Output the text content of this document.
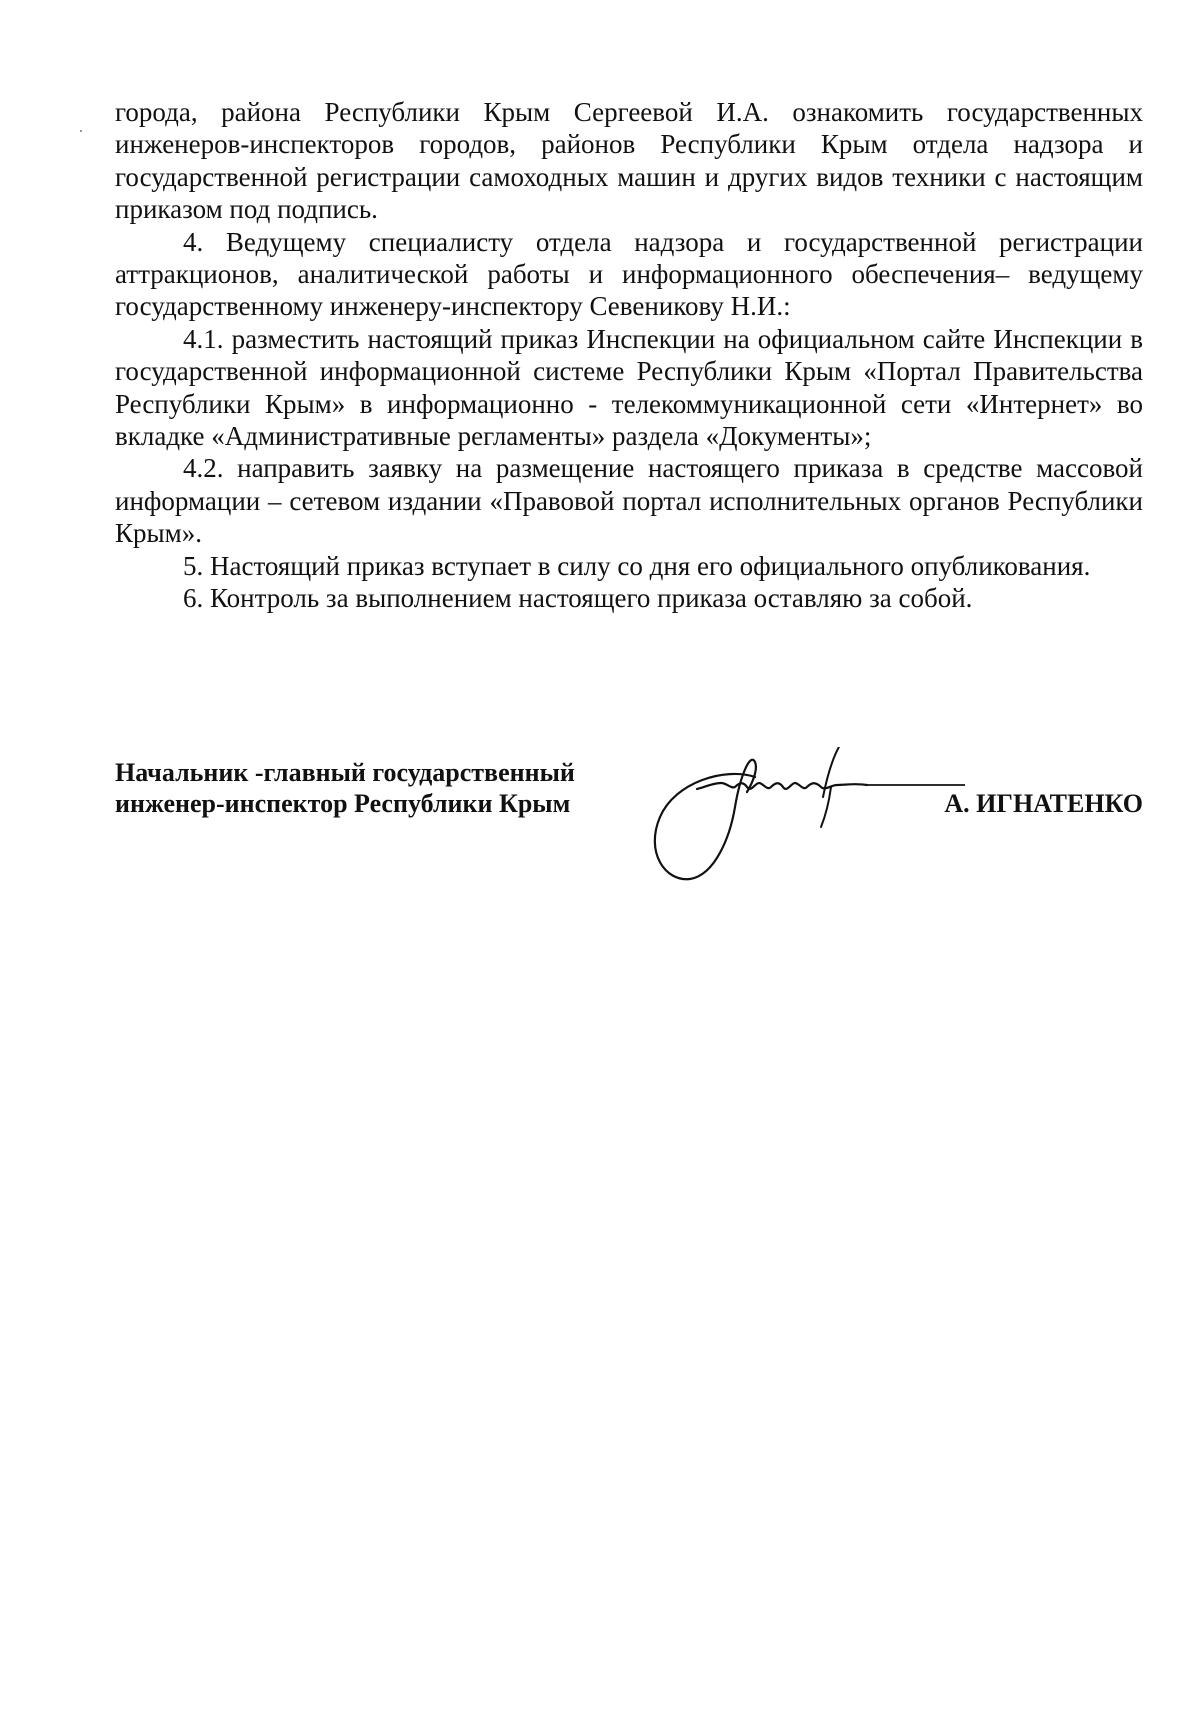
города, района Республики Крым Сергеевой И.А. ознакомить государственных инженеров-инспекторов городов, районов Республики Крым отдела надзора и государственной регистрации самоходных машин и других видов техники с настоящим приказом под подпись.

4. Ведущему специалисту отдела надзора и государственной регистрации аттракционов, аналитической работы и информационного обеспечения– ведущему государственному инженеру-инспектору Севеникову Н.И.:

4.1. разместить настоящий приказ Инспекции на официальном сайте Инспекции в государственной информационной системе Республики Крым «Портал Правительства Республики Крым» в информационно - телекоммуникационной сети «Интернет» во вкладке «Административные регламенты» раздела «Документы»;

4.2. направить заявку на размещение настоящего приказа в средстве массовой информации – сетевом издании «Правовой портал исполнительных органов Республики Крым».

5. Настоящий приказ вступает в силу со дня его официального опубликования.

6. Контроль за выполнением настоящего приказа оставляю за собой.

Начальник -главный государственный
инженер-инспектор Республики Крым	А. ИГНАТЕНКО
